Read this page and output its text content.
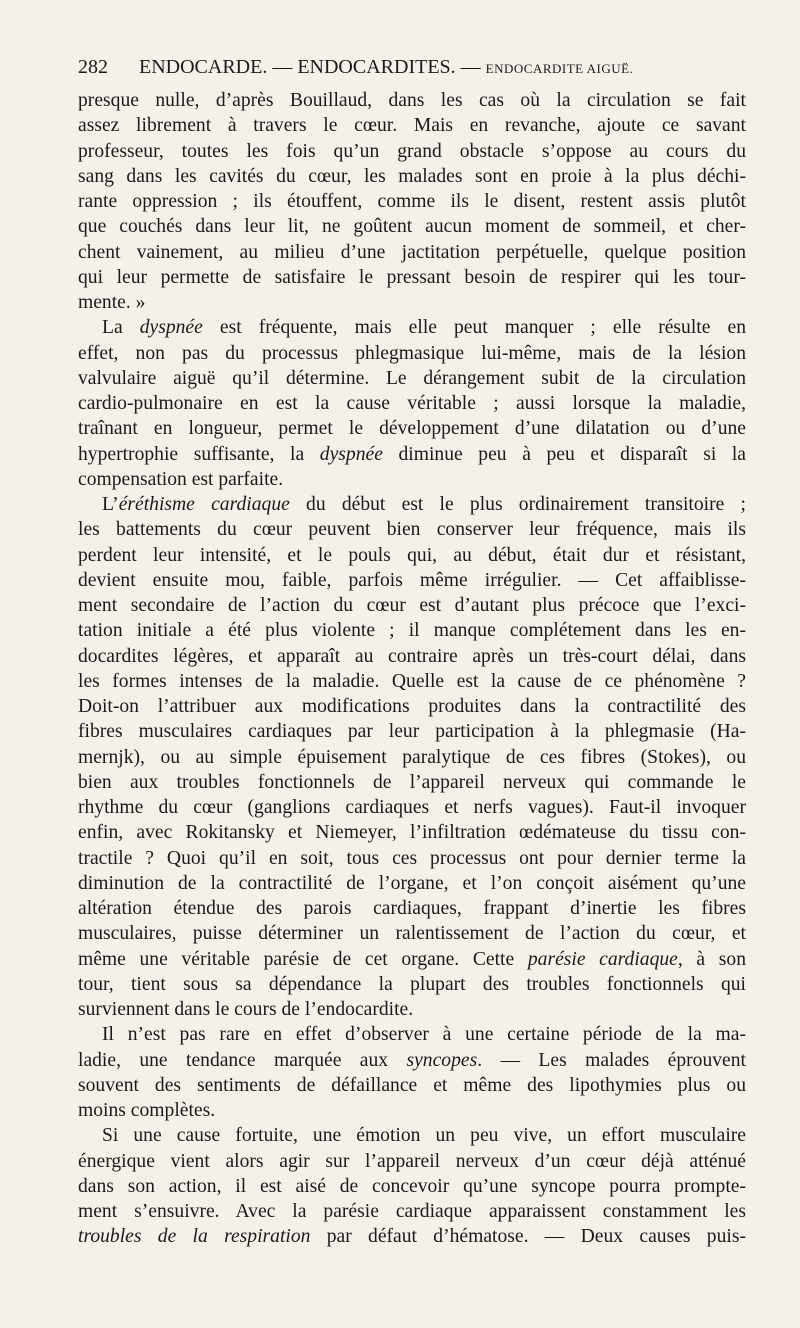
282 ENDOCARDE. — ENDOCARDITES. — ENDOCARDITE AIGUË.
presque nulle, d’après Bouillaud, dans les cas où la circulation se fait
assez librement à travers le cœur. Mais en revanche, ajoute ce savant
professeur, toutes les fois qu’un grand obstacle s’oppose au cours du
sang dans les cavités du cœur, les malades sont en proie à la plus déchi-
rante oppression ; ils étouffent, comme ils le disent, restent assis plutôt
que couchés dans leur lit, ne goûtent aucun moment de sommeil, et cher-
chent vainement, au milieu d’une jactitation perpétuelle, quelque position
qui leur permette de satisfaire le pressant besoin de respirer qui les tour-
mente. »
La dyspnée est fréquente, mais elle peut manquer ; elle résulte en
effet, non pas du processus phlegmasique lui-même, mais de la lésion
valvulaire aiguë qu’il détermine. Le dérangement subit de la circulation
cardio-pulmonaire en est la cause véritable ; aussi lorsque la maladie,
traînant en longueur, permet le développement d’une dilatation ou d’une
hypertrophie suffisante, la dyspnée diminue peu à peu et disparaît si la
compensation est parfaite.
L’éréthisme cardiaque du début est le plus ordinairement transitoire ;
les battements du cœur peuvent bien conserver leur fréquence, mais ils
perdent leur intensité, et le pouls qui, au début, était dur et résistant,
devient ensuite mou, faible, parfois même irrégulier. — Cet affaiblisse-
ment secondaire de l’action du cœur est d’autant plus précoce que l’exci-
tation initiale a été plus violente ; il manque complétement dans les en-
docardites légères, et apparaît au contraire après un très-court délai, dans
les formes intenses de la maladie. Quelle est la cause de ce phénomène ?
Doit-on l’attribuer aux modifications produites dans la contractilité des
fibres musculaires cardiaques par leur participation à la phlegmasie (Ha-
mernjk), ou au simple épuisement paralytique de ces fibres (Stokes), ou
bien aux troubles fonctionnels de l’appareil nerveux qui commande le
rhythme du cœur (ganglions cardiaques et nerfs vagues). Faut-il invoquer
enfin, avec Rokitansky et Niemeyer, l’infiltration œdémateuse du tissu con-
tractile ? Quoi qu’il en soit, tous ces processus ont pour dernier terme la
diminution de la contractilité de l’organe, et l’on conçoit aisément qu’une
altération étendue des parois cardiaques, frappant d’inertie les fibres
musculaires, puisse déterminer un ralentissement de l’action du cœur, et
même une véritable parésie de cet organe. Cette parésie cardiaque, à son
tour, tient sous sa dépendance la plupart des troubles fonctionnels qui
surviennent dans le cours de l’endocardite.
Il n’est pas rare en effet d’observer à une certaine période de la ma-
ladie, une tendance marquée aux syncopes. — Les malades éprouvent
souvent des sentiments de défaillance et même des lipothymies plus ou
moins complètes.
Si une cause fortuite, une émotion un peu vive, un effort musculaire
énergique vient alors agir sur l’appareil nerveux d’un cœur déjà atténué
dans son action, il est aisé de concevoir qu’une syncope pourra prompte-
ment s’ensuivre. Avec la parésie cardiaque apparaissent constamment les
troubles de la respiration par défaut d’hématose. — Deux causes puis-
